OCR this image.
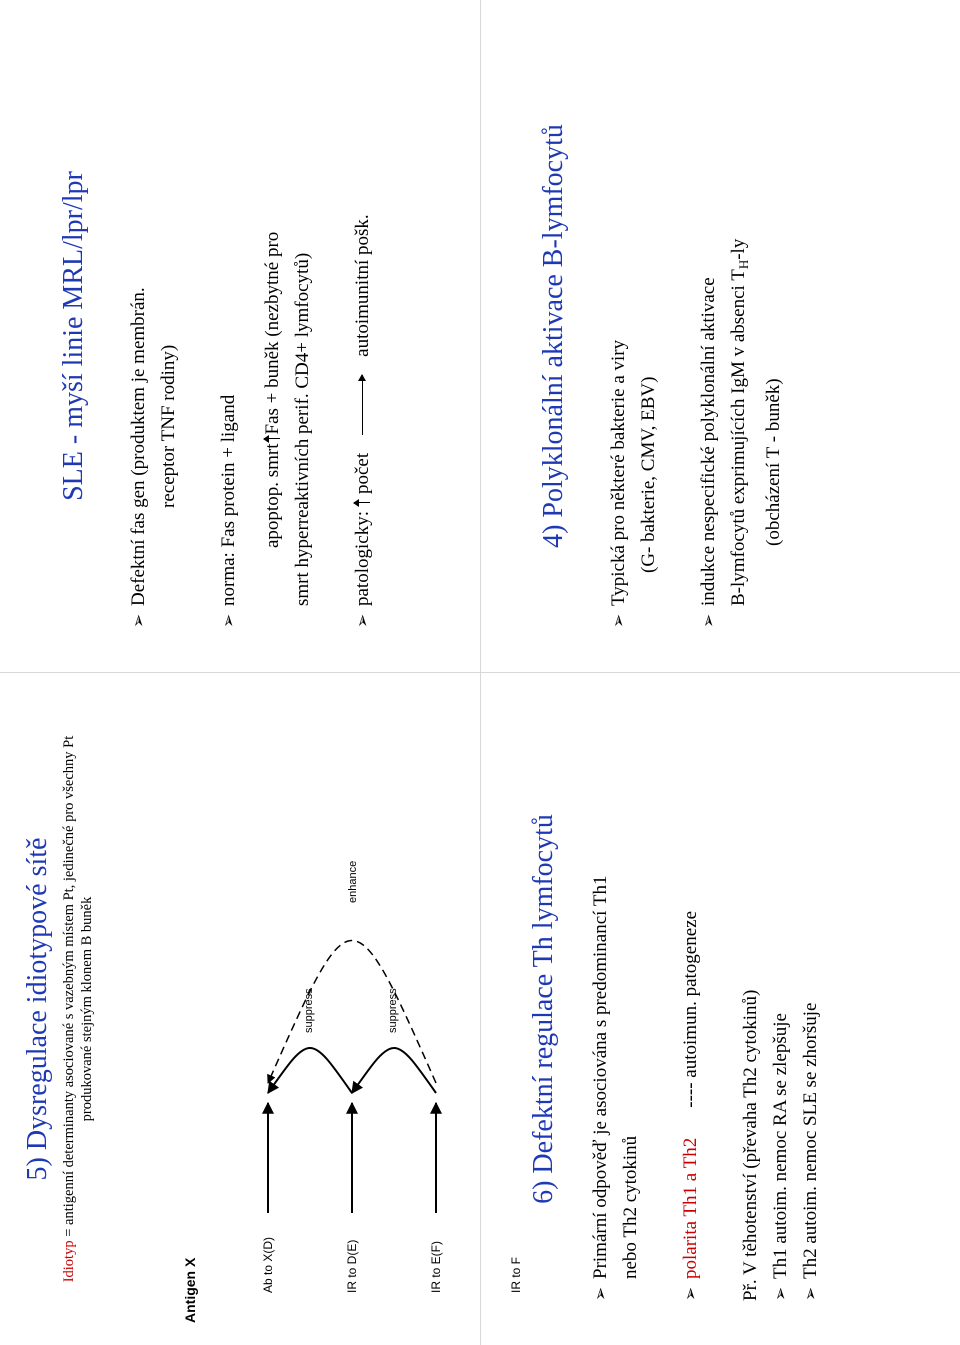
SLE - myší linie MRL/lpr/lpr ➢ Defektní fas gen (produktem je membrán. receptor TNF rodiny) ➢ norma: Fas protein + ligand apoptop. smrtFas + buněk (nezbytné pro smrt hyperreaktivních perif. CD4+ lymfocytů) ➢ patologicky:početautoimunitní pošk.	4) Polyklonální aktivace B-lymfocytů ➢ Typická pro některé bakterie a viry (G- bakterie, CMV, EBV) ➢ indukce nespecifické polyklonální aktivace B-lymfocytů exprimujících IgM v absenci $T_H-ly$
(obcházení T - buněk)
5) Dysregulace idiotypové sítě
Idiotyp = antigenní determinanty asociované s vazebným místem Pt, jedinečné pro všechny Pt produkované stejným klonem B buněk
Antigen X	Ab to X(D)	IR to D(E)	IR to E(F)	IR to F
suppress	suppress
enhance	6) Defektní regulace Th lymfocytů ➢ Primární odpověď je asociována s predominancí Th1 nebo Th2 cytokinů ➢ polarita Th1 a Th2---- autoimun. patogeneze Př. V těhotenství (převaha Th2 cytokinů) ➢ Th1 autoim. nemoc RA se zlepšuje ➢ Th2 autoim. nemoc SLE se zhoršuje
